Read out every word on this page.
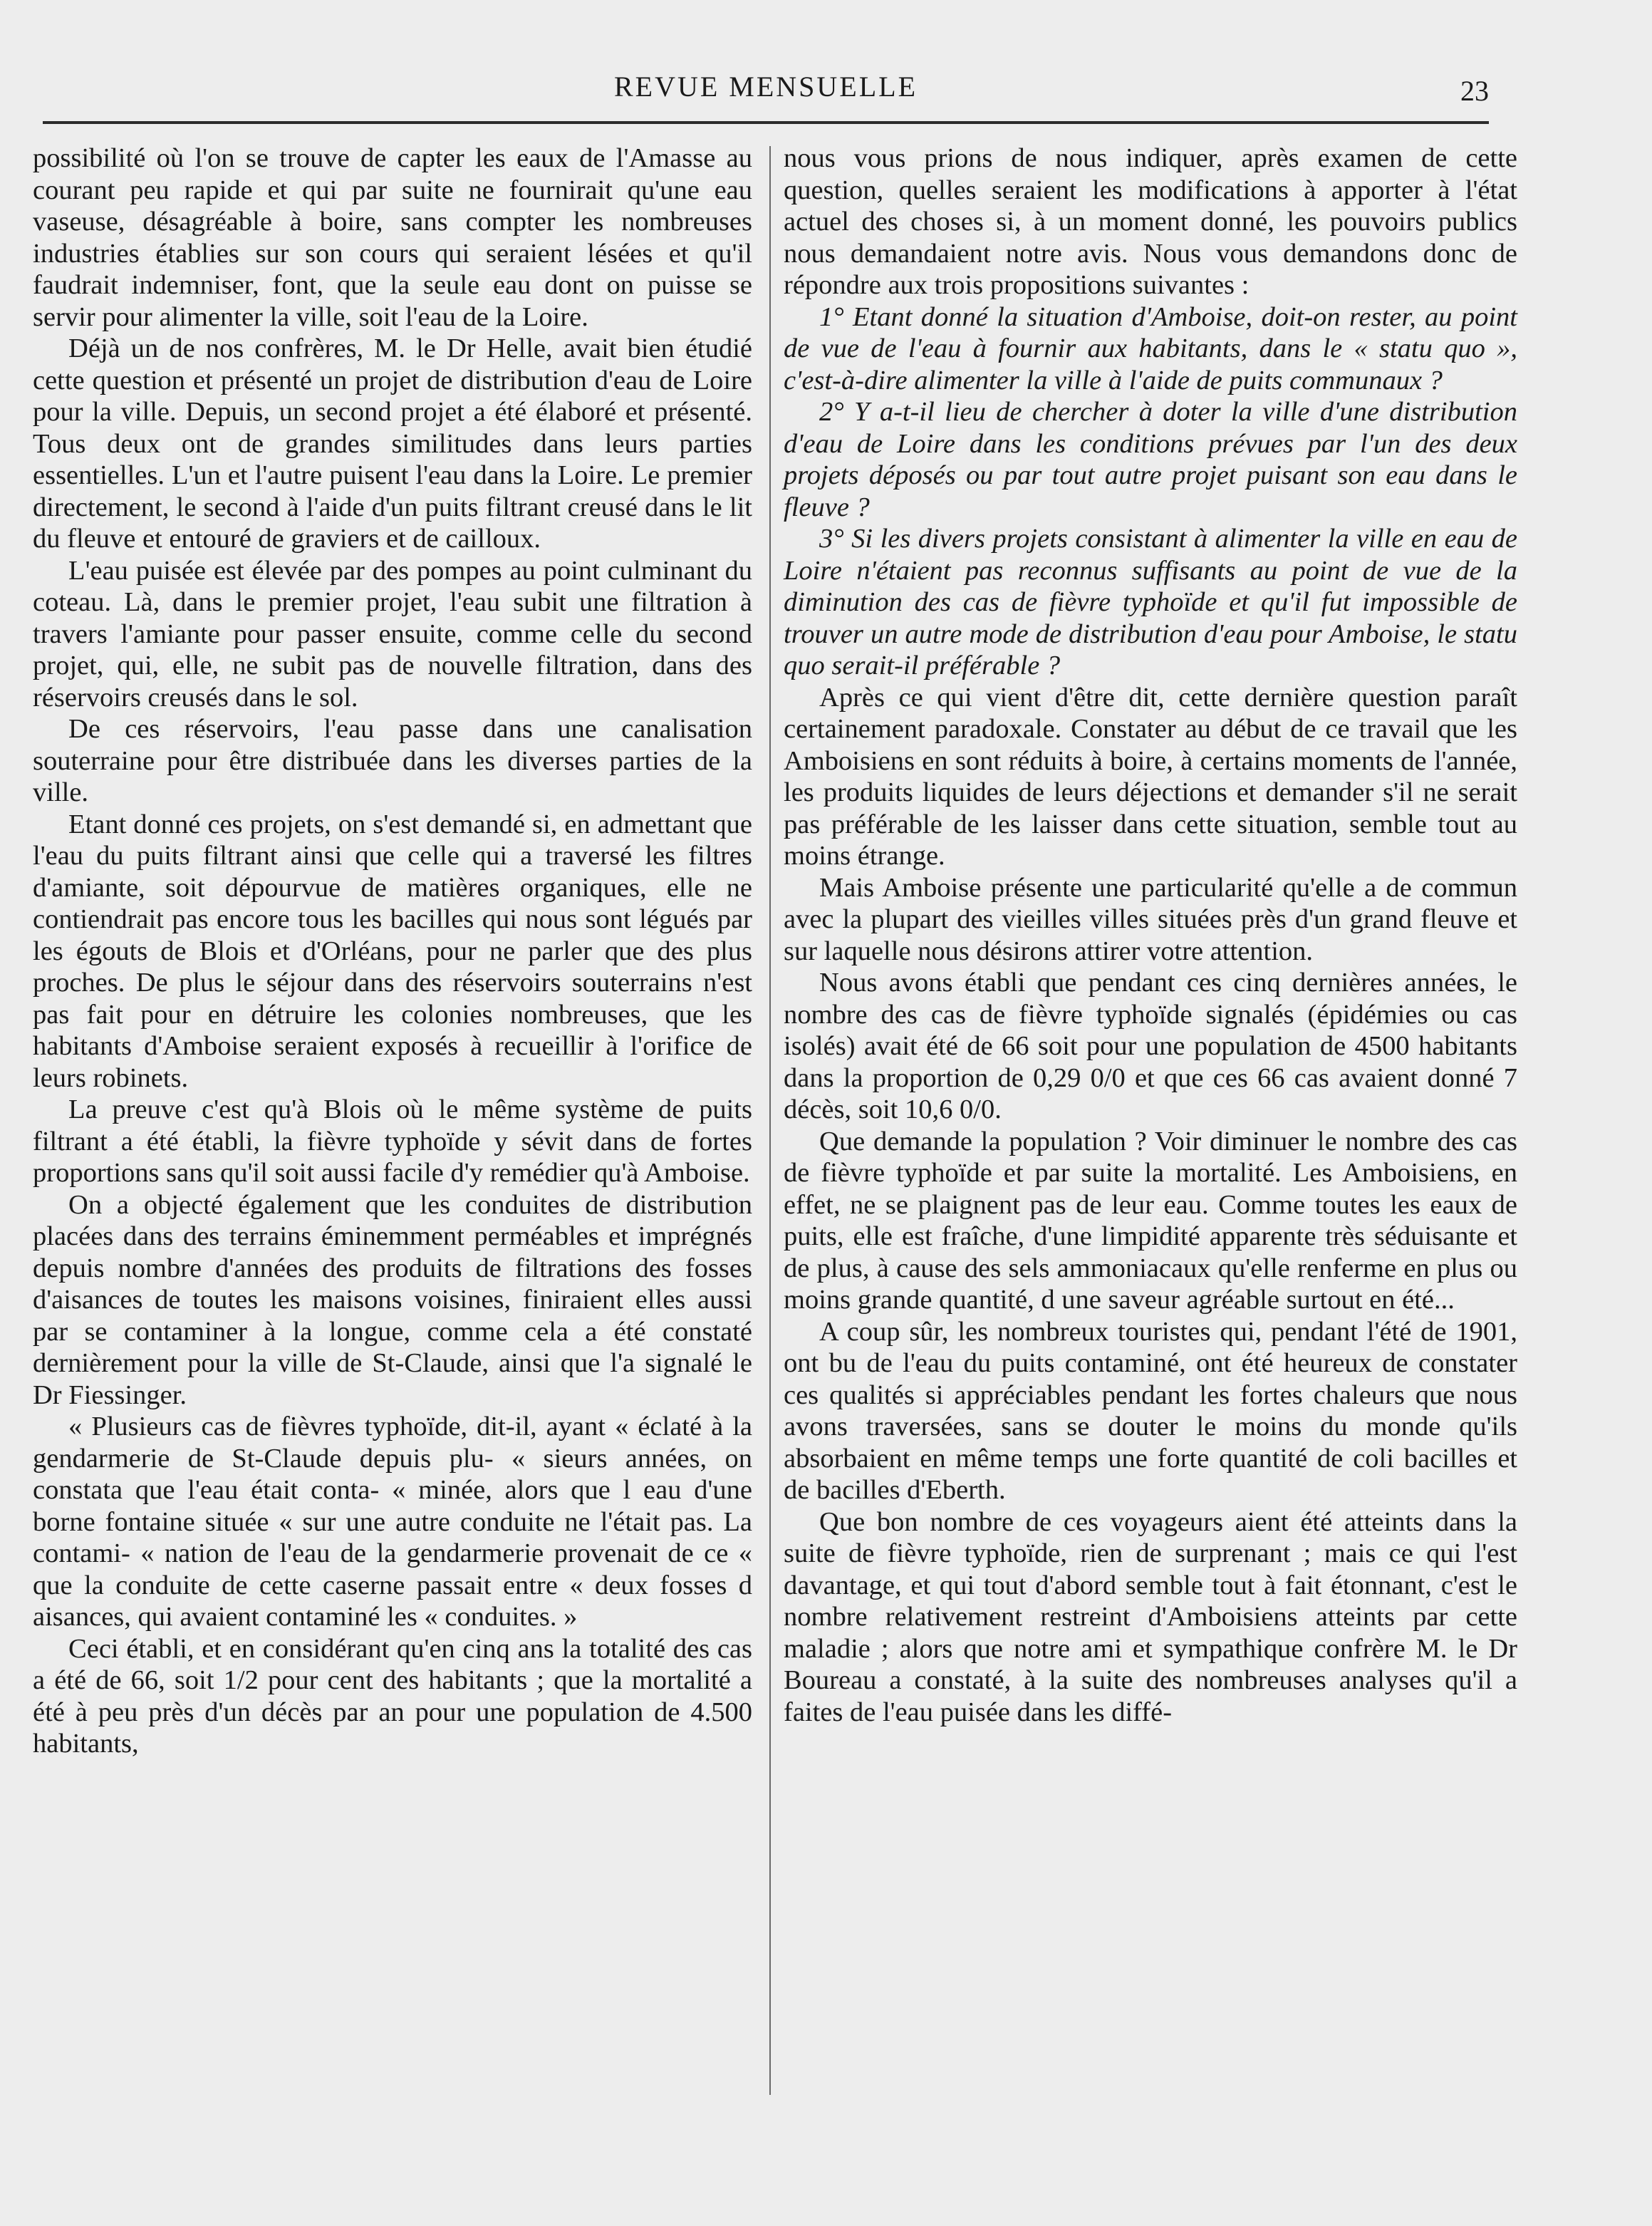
REVUE MENSUELLE	23

possibilité où l'on se trouve de capter les eaux de l'Amasse au courant peu rapide et qui par suite ne fournirait qu'une eau vaseuse, désagréable à boire, sans compter les nombreuses industries établies sur son cours qui seraient lésées et qu'il faudrait indemniser, font, que la seule eau dont on puisse se servir pour alimenter la ville, soit l'eau de la Loire.

Déjà un de nos confrères, M. le Dr Helle, avait bien étudié cette question et présenté un projet de distribution d'eau de Loire pour la ville. Depuis, un second projet a été élaboré et présenté. Tous deux ont de grandes similitudes dans leurs parties essentielles. L'un et l'autre puisent l'eau dans la Loire. Le premier directement, le second à l'aide d'un puits filtrant creusé dans le lit du fleuve et entouré de graviers et de cailloux.

L'eau puisée est élevée par des pompes au point culminant du coteau. Là, dans le premier projet, l'eau subit une filtration à travers l'amiante pour passer ensuite, comme celle du second projet, qui, elle, ne subit pas de nouvelle filtration, dans des réservoirs creusés dans le sol.

De ces réservoirs, l'eau passe dans une canalisation souterraine pour être distribuée dans les diverses parties de la ville.

Etant donné ces projets, on s'est demandé si, en admettant que l'eau du puits filtrant ainsi que celle qui a traversé les filtres d'amiante, soit dépourvue de matières organiques, elle ne contiendrait pas encore tous les bacilles qui nous sont légués par les égouts de Blois et d'Orléans, pour ne parler que des plus proches. De plus le séjour dans des réservoirs souterrains n'est pas fait pour en détruire les colonies nombreuses, que les habitants d'Amboise seraient exposés à recueillir à l'orifice de leurs robinets.

La preuve c'est qu'à Blois où le même système de puits filtrant a été établi, la fièvre typhoïde y sévit dans de fortes proportions sans qu'il soit aussi facile d'y remédier qu'à Amboise.

On a objecté également que les conduites de distribution placées dans des terrains éminemment perméables et imprégnés depuis nombre d'années des produits de filtrations des fosses d'aisances de toutes les maisons voisines, finiraient elles aussi par se contaminer à la longue, comme cela a été constaté dernièrement pour la ville de St-Claude, ainsi que l'a signalé le Dr Fiessinger.

« Plusieurs cas de fièvres typhoïde, dit-il, ayant « éclaté à la gendarmerie de St-Claude depuis plu- « sieurs années, on constata que l'eau était conta- « minée, alors que l eau d'une borne fontaine située « sur une autre conduite ne l'était pas. La contami- « nation de l'eau de la gendarmerie provenait de ce « que la conduite de cette caserne passait entre « deux fosses d aisances, qui avaient contaminé les « conduites. »

Ceci établi, et en considérant qu'en cinq ans la totalité des cas a été de 66, soit 1/2 pour cent des habitants ; que la mortalité a été à peu près d'un décès par an pour une population de 4.500 habitants,

nous vous prions de nous indiquer, après examen de cette question, quelles seraient les modifications à apporter à l'état actuel des choses si, à un moment donné, les pouvoirs publics nous demandaient notre avis. Nous vous demandons donc de répondre aux trois propositions suivantes :

1° Etant donné la situation d'Amboise, doit-on rester, au point de vue de l'eau à fournir aux habitants, dans le « statu quo », c'est-à-dire alimenter la ville à l'aide de puits communaux ?

2° Y a-t-il lieu de chercher à doter la ville d'une distribution d'eau de Loire dans les conditions prévues par l'un des deux projets déposés ou par tout autre projet puisant son eau dans le fleuve ?

3° Si les divers projets consistant à alimenter la ville en eau de Loire n'étaient pas reconnus suffisants au point de vue de la diminution des cas de fièvre typhoïde et qu'il fut impossible de trouver un autre mode de distribution d'eau pour Amboise, le statu quo serait-il préférable ?

Après ce qui vient d'être dit, cette dernière question paraît certainement paradoxale. Constater au début de ce travail que les Amboisiens en sont réduits à boire, à certains moments de l'année, les produits liquides de leurs déjections et demander s'il ne serait pas préférable de les laisser dans cette situation, semble tout au moins étrange.

Mais Amboise présente une particularité qu'elle a de commun avec la plupart des vieilles villes situées près d'un grand fleuve et sur laquelle nous désirons attirer votre attention.

Nous avons établi que pendant ces cinq dernières années, le nombre des cas de fièvre typhoïde signalés (épidémies ou cas isolés) avait été de 66 soit pour une population de 4500 habitants dans la proportion de 0,29 0/0 et que ces 66 cas avaient donné 7 décès, soit 10,6 0/0.

Que demande la population ? Voir diminuer le nombre des cas de fièvre typhoïde et par suite la mortalité. Les Amboisiens, en effet, ne se plaignent pas de leur eau. Comme toutes les eaux de puits, elle est fraîche, d'une limpidité apparente très séduisante et de plus, à cause des sels ammoniacaux qu'elle renferme en plus ou moins grande quantité, d une saveur agréable surtout en été...

A coup sûr, les nombreux touristes qui, pendant l'été de 1901, ont bu de l'eau du puits contaminé, ont été heureux de constater ces qualités si appréciables pendant les fortes chaleurs que nous avons traversées, sans se douter le moins du monde qu'ils absorbaient en même temps une forte quantité de coli bacilles et de bacilles d'Eberth.

Que bon nombre de ces voyageurs aient été atteints dans la suite de fièvre typhoïde, rien de surprenant ; mais ce qui l'est davantage, et qui tout d'abord semble tout à fait étonnant, c'est le nombre relativement restreint d'Amboisiens atteints par cette maladie ; alors que notre ami et sympathique confrère M. le Dr Boureau a constaté, à la suite des nombreuses analyses qu'il a faites de l'eau puisée dans les diffé-
